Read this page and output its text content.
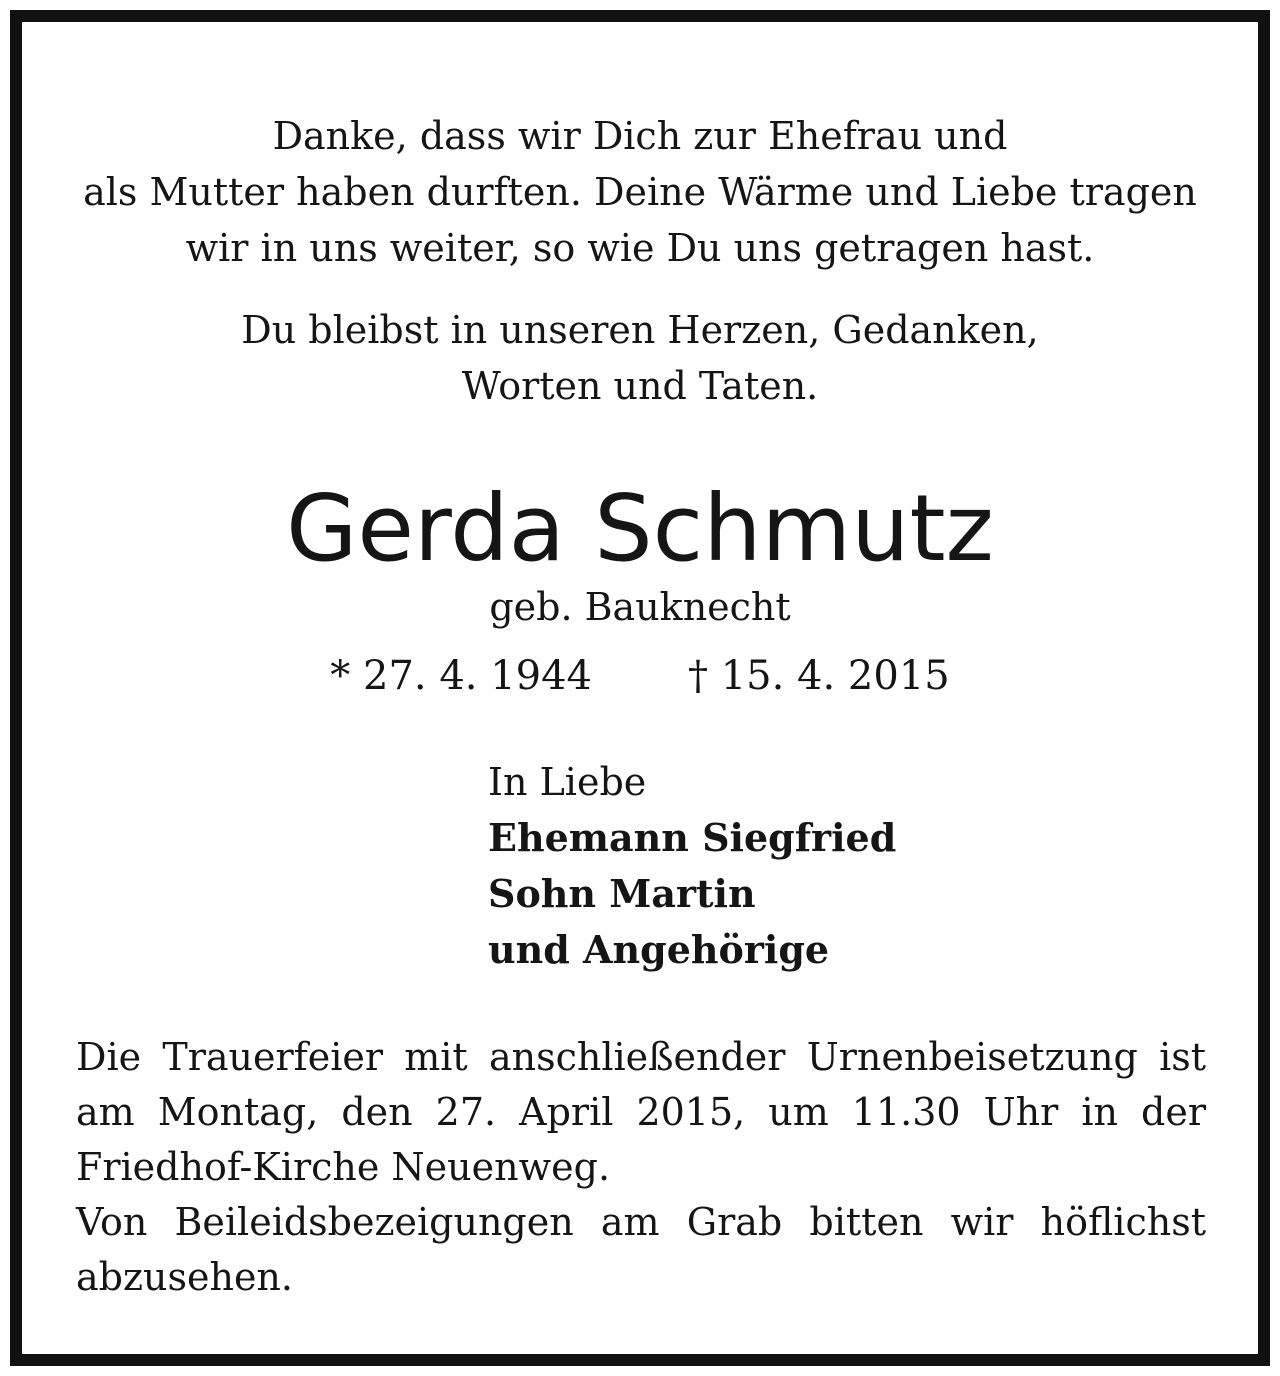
Danke, dass wir Dich zur Ehefrau und

als Mutter haben durften. Deine Wärme und Liebe tragen

wir in uns weiter, so wie Du uns getragen hast.

Du bleibst in unseren Herzen, Gedanken,

Worten und Taten.

Gerda Schmutz

geb. Bauknecht

* 27. 4. 1944 † 15. 4. 2015

In Liebe
Ehemann Siegfried
Sohn Martin
und Angehörige
Die Trauerfeier mit anschließender Urnenbeisetzung ist
am Montag, den 27. April 2015, um 11.30 Uhr in der
Friedhof-Kirche Neuenweg.
Von Beileidsbezeigungen am Grab bitten wir höflichst
abzusehen.
